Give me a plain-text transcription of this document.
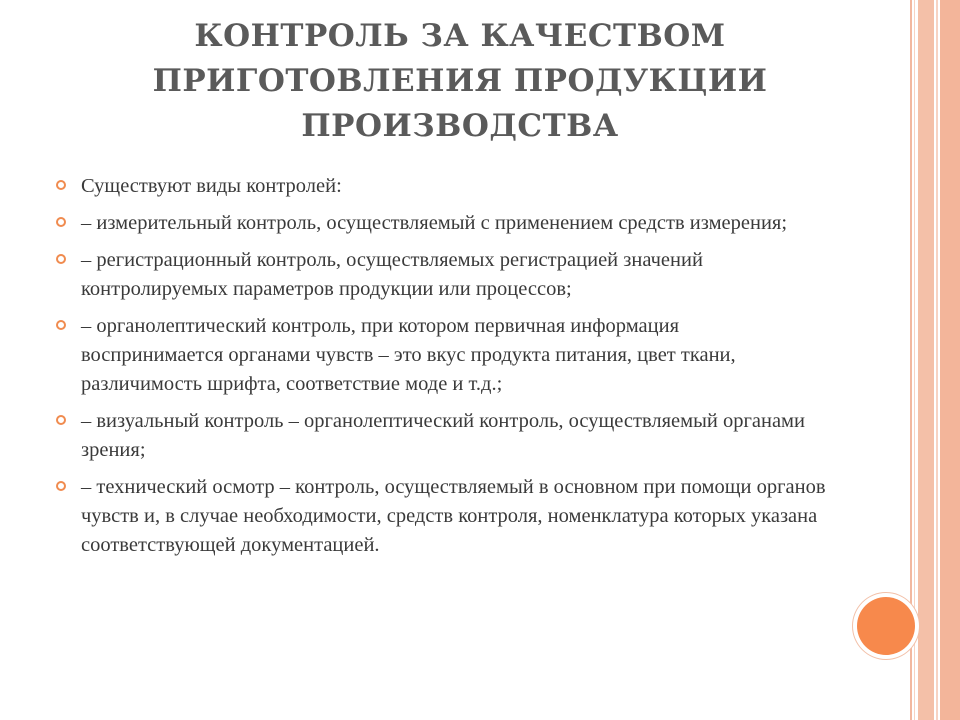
КОНТРОЛЬ ЗА КАЧЕСТВОМ
ПРИГОТОВЛЕНИЯ ПРОДУКЦИИ
ПРОИЗВОДСТВА
Существуют виды контролей:
– измерительный контроль, осуществляемый с применением средств измерения;
– регистрационный контроль, осуществляемых регистрацией значений контролируемых параметров продукции или процессов;
– органолептический контроль, при котором первичная информация воспринимается органами чувств – это вкус продукта питания, цвет ткани, различимость шрифта, соответствие моде и т.д.;
– визуальный контроль – органолептический контроль, осуществляемый органами зрения;
– технический осмотр – контроль, осуществляемый в основном при помощи органов чувств и, в случае необходимости, средств контроля, номенклатура которых указана соответствующей документацией.
